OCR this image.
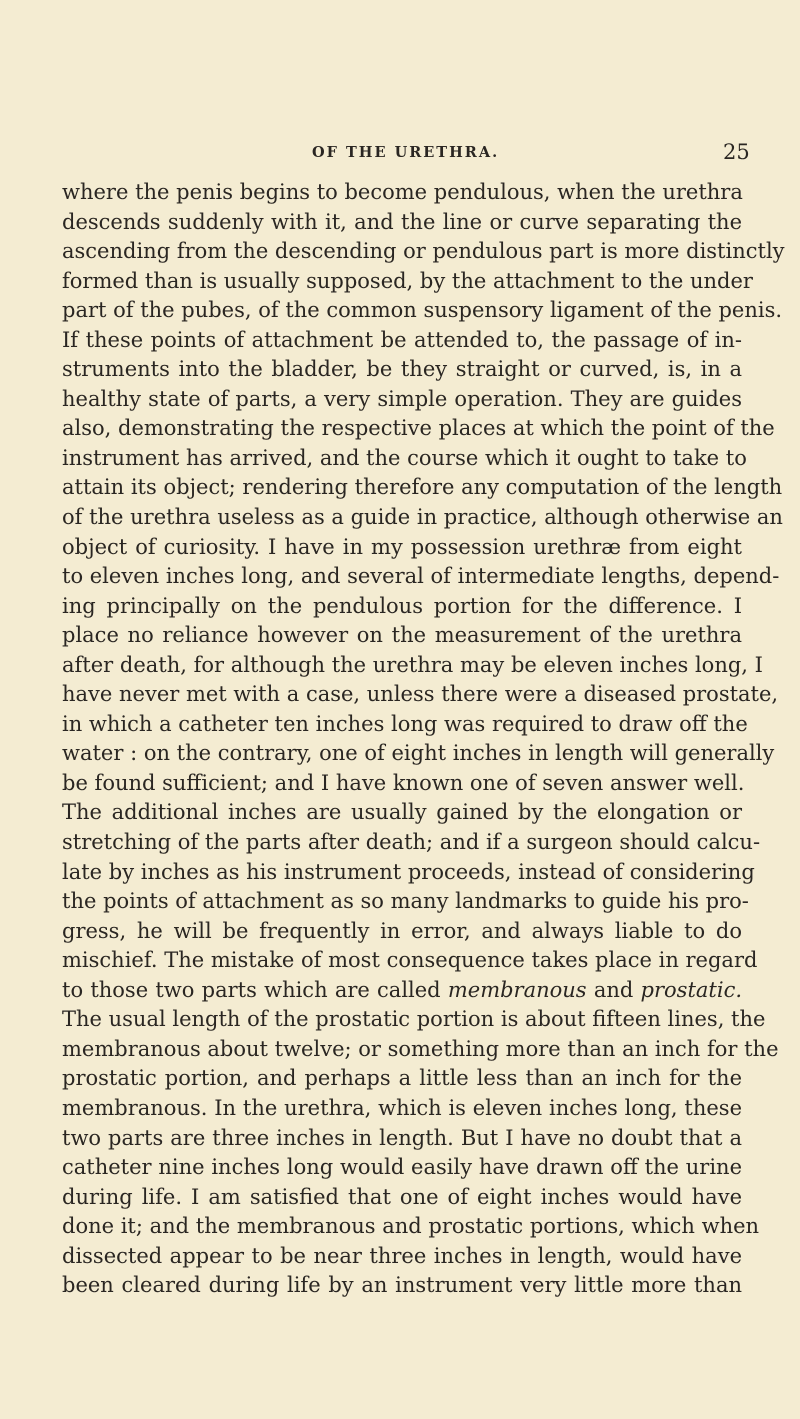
OF THE URETHRA.	25
where the penis begins to become pendulous, when the urethra
descends suddenly with it, and the line or curve separating the
ascending from the descending or pendulous part is more distinctly
formed than is usually supposed, by the attachment to the under
part of the pubes, of the common suspensory ligament of the penis.
If these points of attachment be attended to, the passage of in-
struments into the bladder, be they straight or curved, is, in a
healthy state of parts, a very simple operation. They are guides
also, demonstrating the respective places at which the point of the
instrument has arrived, and the course which it ought to take to
attain its object; rendering therefore any computation of the length
of the urethra useless as a guide in practice, although otherwise an
object of curiosity. I have in my possession urethræ from eight
to eleven inches long, and several of intermediate lengths, depend-
ing principally on the pendulous portion for the difference. I
place no reliance however on the measurement of the urethra
after death, for although the urethra may be eleven inches long, I
have never met with a case, unless there were a diseased prostate,
in which a catheter ten inches long was required to draw off the
water : on the contrary, one of eight inches in length will generally
be found sufficient; and I have known one of seven answer well.
The additional inches are usually gained by the elongation or
stretching of the parts after death; and if a surgeon should calcu-
late by inches as his instrument proceeds, instead of considering
the points of attachment as so many landmarks to guide his pro-
gress, he will be frequently in error, and always liable to do
mischief. The mistake of most consequence takes place in regard
to those two parts which are called membranous and prostatic.
The usual length of the prostatic portion is about fifteen lines, the
membranous about twelve; or something more than an inch for the
prostatic portion, and perhaps a little less than an inch for the
membranous. In the urethra, which is eleven inches long, these
two parts are three inches in length. But I have no doubt that a
catheter nine inches long would easily have drawn off the urine
during life. I am satisfied that one of eight inches would have
done it; and the membranous and prostatic portions, which when
dissected appear to be near three inches in length, would have
been cleared during life by an instrument very little more than
